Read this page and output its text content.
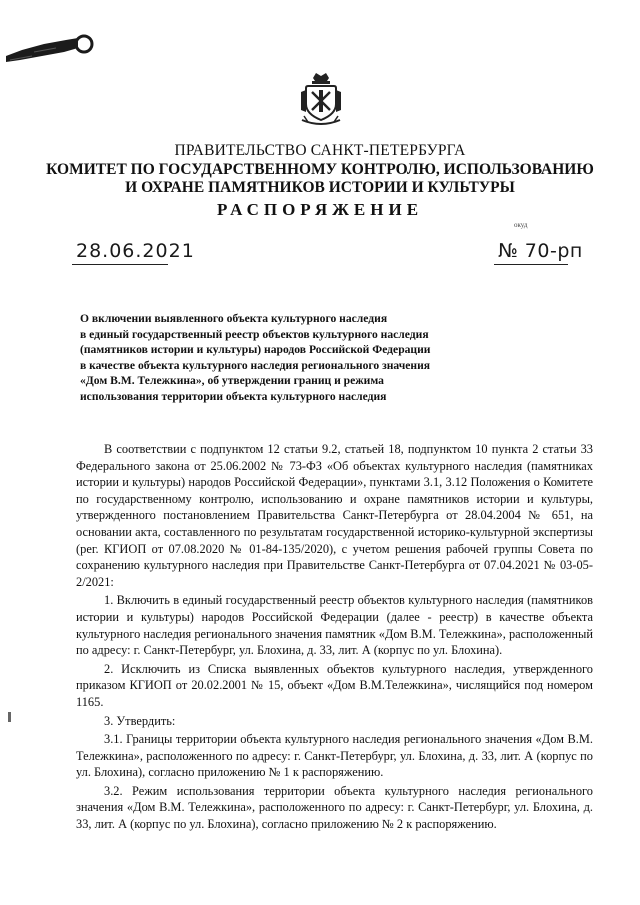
ПРАВИТЕЛЬСТВО САНКТ-ПЕТЕРБУРГА
КОМИТЕТ ПО ГОСУДАРСТВЕННОМУ КОНТРОЛЮ, ИСПОЛЬЗОВАНИЮ
И ОХРАНЕ ПАМЯТНИКОВ ИСТОРИИ И КУЛЬТУРЫ
РАСПОРЯЖЕНИЕ
окуд
28.06.2021	№ 70-рп
О включении выявленного объекта культурного наследия
в единый государственный реестр объектов культурного наследия
(памятников истории и культуры) народов Российской Федерации
в качестве объекта культурного наследия регионального значения
«Дом В.М. Тележкина», об утверждении границ и режима
использования территории объекта культурного наследия

В соответствии с подпунктом 12 статьи 9.2, статьей 18, подпунктом 10 пункта 2 статьи 33 Федерального закона от 25.06.2002 № 73-ФЗ «Об объектах культурного наследия (памятниках истории и культуры) народов Российской Федерации», пунктами 3.1, 3.12 Положения о Комитете по государственному контролю, использованию и охране памятников истории и культуры, утвержденного постановлением Правительства Санкт-Петербурга от 28.04.2004 № 651, на основании акта, составленного по результатам государственной историко-культурной экспертизы (рег. КГИОП от 07.08.2020 № 01-84-135/2020), с учетом решения рабочей группы Совета по сохранению культурного наследия при Правительстве Санкт-Петербурга от 07.04.2021 № 03-05-2/2021:

1. Включить в единый государственный реестр объектов культурного наследия (памятников истории и культуры) народов Российской Федерации (далее - реестр) в качестве объекта культурного наследия регионального значения памятник «Дом В.М. Тележкина», расположенный по адресу: г. Санкт-Петербург, ул. Блохина, д. 33, лит. А (корпус по ул. Блохина).

2. Исключить из Списка выявленных объектов культурного наследия, утвержденного приказом КГИОП от 20.02.2001 № 15, объект «Дом В.М.Тележкина», числящийся под номером 1165.

3. Утвердить:

3.1. Границы территории объекта культурного наследия регионального значения «Дом В.М. Тележкина», расположенного по адресу: г. Санкт-Петербург, ул. Блохина, д. 33, лит. А (корпус по ул. Блохина), согласно приложению № 1 к распоряжению.

3.2. Режим использования территории объекта культурного наследия регионального значения «Дом В.М. Тележкина», расположенного по адресу: г. Санкт-Петербург, ул. Блохина, д. 33, лит. А (корпус по ул. Блохина), согласно приложению № 2 к распоряжению.
